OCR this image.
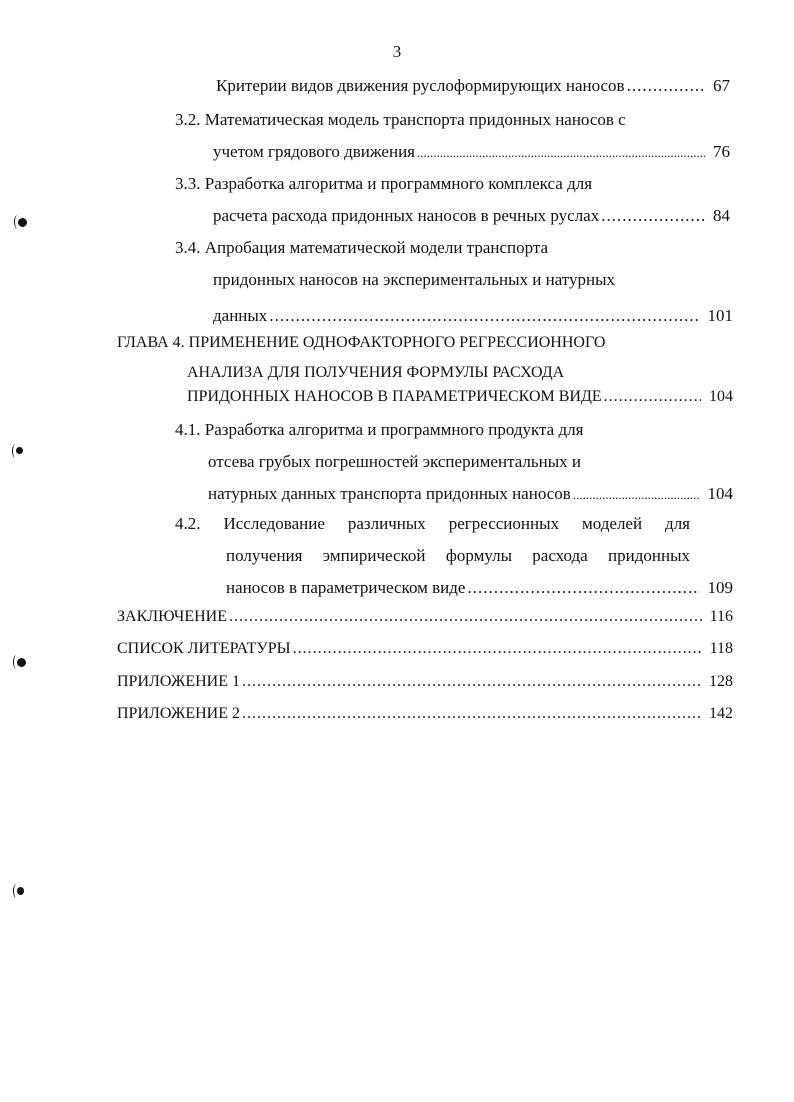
3
Критерии видов движения руслоформирующих наносов .....	67
3.2.
Математическая модель транспорта придонных наносов с
учетом грядового движения .....	76
3.3.
Разработка алгоритма и программного комплекса для
расчета расхода придонных наносов в речных руслах .....	84
3.4.
Апробация математической модели транспорта
придонных наносов на экспериментальных и натурных
данных .....	101
ГЛАВА 4. ПРИМЕНЕНИЕ ОДНОФАКТОРНОГО РЕГРЕССИОННОГО
АНАЛИЗА ДЛЯ ПОЛУЧЕНИЯ ФОРМУЛЫ РАСХОДА
ПРИДОННЫХ НАНОСОВ В ПАРАМЕТРИЧЕСКОМ ВИДЕ .....	104
4.1.
Разработка алгоритма и программного продукта для
отсева грубых погрешностей экспериментальных и
натурных данных транспорта придонных наносов .....	104
4.2. Исследование различных регрессионных моделей для
получения эмпирической формулы расхода придонных
наносов в параметрическом виде .....	109
ЗАКЛЮЧЕНИЕ .....	116
СПИСОК ЛИТЕРАТУРЫ .....	118
ПРИЛОЖЕНИЕ 1 .....	128
ПРИЛОЖЕНИЕ 2 .....	142
